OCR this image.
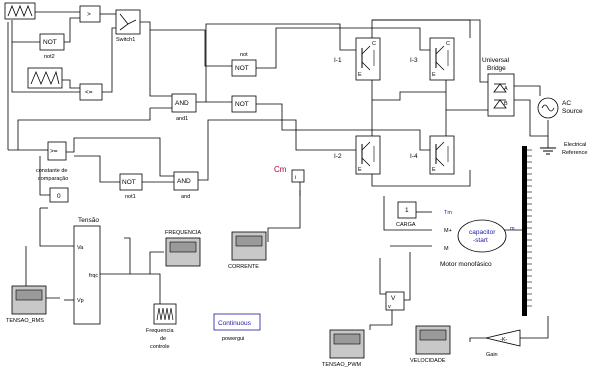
>
Switch1
NOT
not2
<=
>=
constante de
comparação
0
NOT
not1
AND
and1
AND
and
not
NOT
NOT
E
C
I-1
E
C
I-3
E
I-2
E
I-4
Universal
Bridge
A
B	AC
Source
Electrical
Reference
Cm
i
1
CARGA
Tm
M+
M
capacitor
-start
m
Motor monofásico
V
v
-K-
Gain
CORRENTE
FREQUENCIA
TENSAO_RMS
TENSAO_PWM
VELOCIDADE
Tensão
Va
Vp
frqc
Frequencia
de
controle
Continuous
powergui
